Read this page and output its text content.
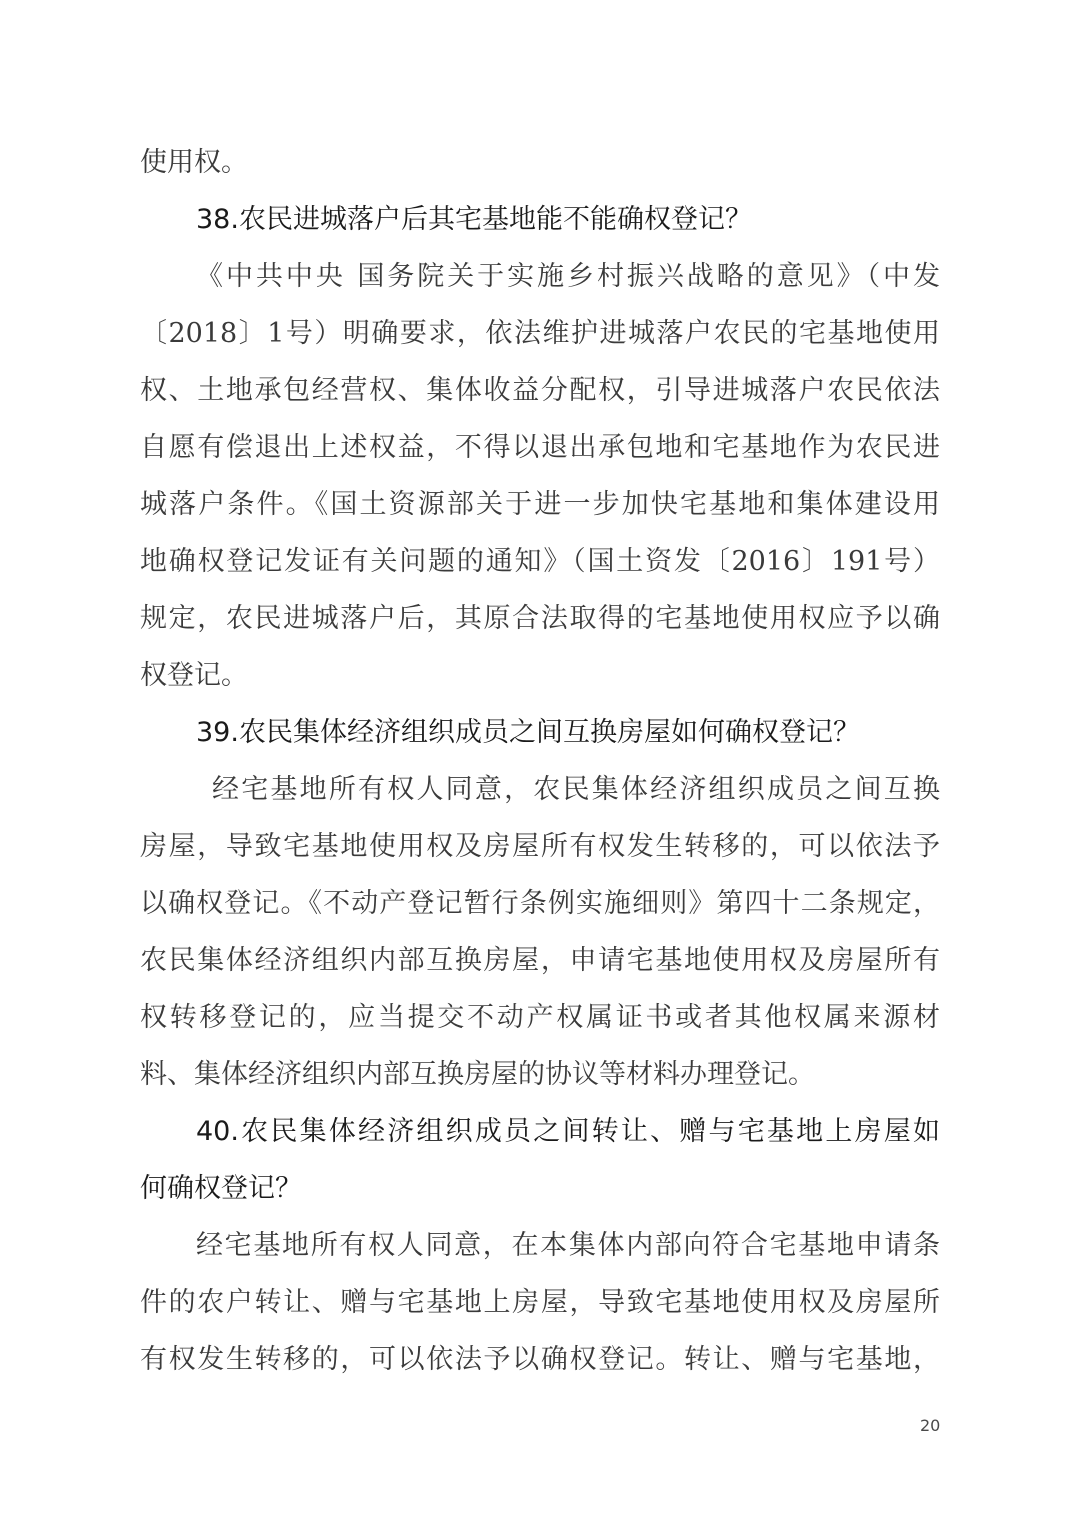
使用权。
38.农民进城落户后其宅基地能不能确权登记？
《中共中央 国务院关于实施乡村振兴战略的意见》（中发
〔2018〕1号）明确要求，依法维护进城落户农民的宅基地使用
权、土地承包经营权、集体收益分配权，引导进城落户农民依法
自愿有偿退出上述权益，不得以退出承包地和宅基地作为农民进
城落户条件。《国土资源部关于进一步加快宅基地和集体建设用
地确权登记发证有关问题的通知》（国土资发〔2016〕191号）
规定，农民进城落户后，其原合法取得的宅基地使用权应予以确
权登记。
39.农民集体经济组织成员之间互换房屋如何确权登记？
经宅基地所有权人同意，农民集体经济组织成员之间互换
房屋，导致宅基地使用权及房屋所有权发生转移的，可以依法予
以确权登记。《不动产登记暂行条例实施细则》第四十二条规定，
农民集体经济组织内部互换房屋，申请宅基地使用权及房屋所有
权转移登记的，应当提交不动产权属证书或者其他权属来源材
料、集体经济组织内部互换房屋的协议等材料办理登记。
40.农民集体经济组织成员之间转让、赠与宅基地上房屋如
何确权登记？
经宅基地所有权人同意，在本集体内部向符合宅基地申请条
件的农户转让、赠与宅基地上房屋，导致宅基地使用权及房屋所
有权发生转移的，可以依法予以确权登记。转让、赠与宅基地，
20
